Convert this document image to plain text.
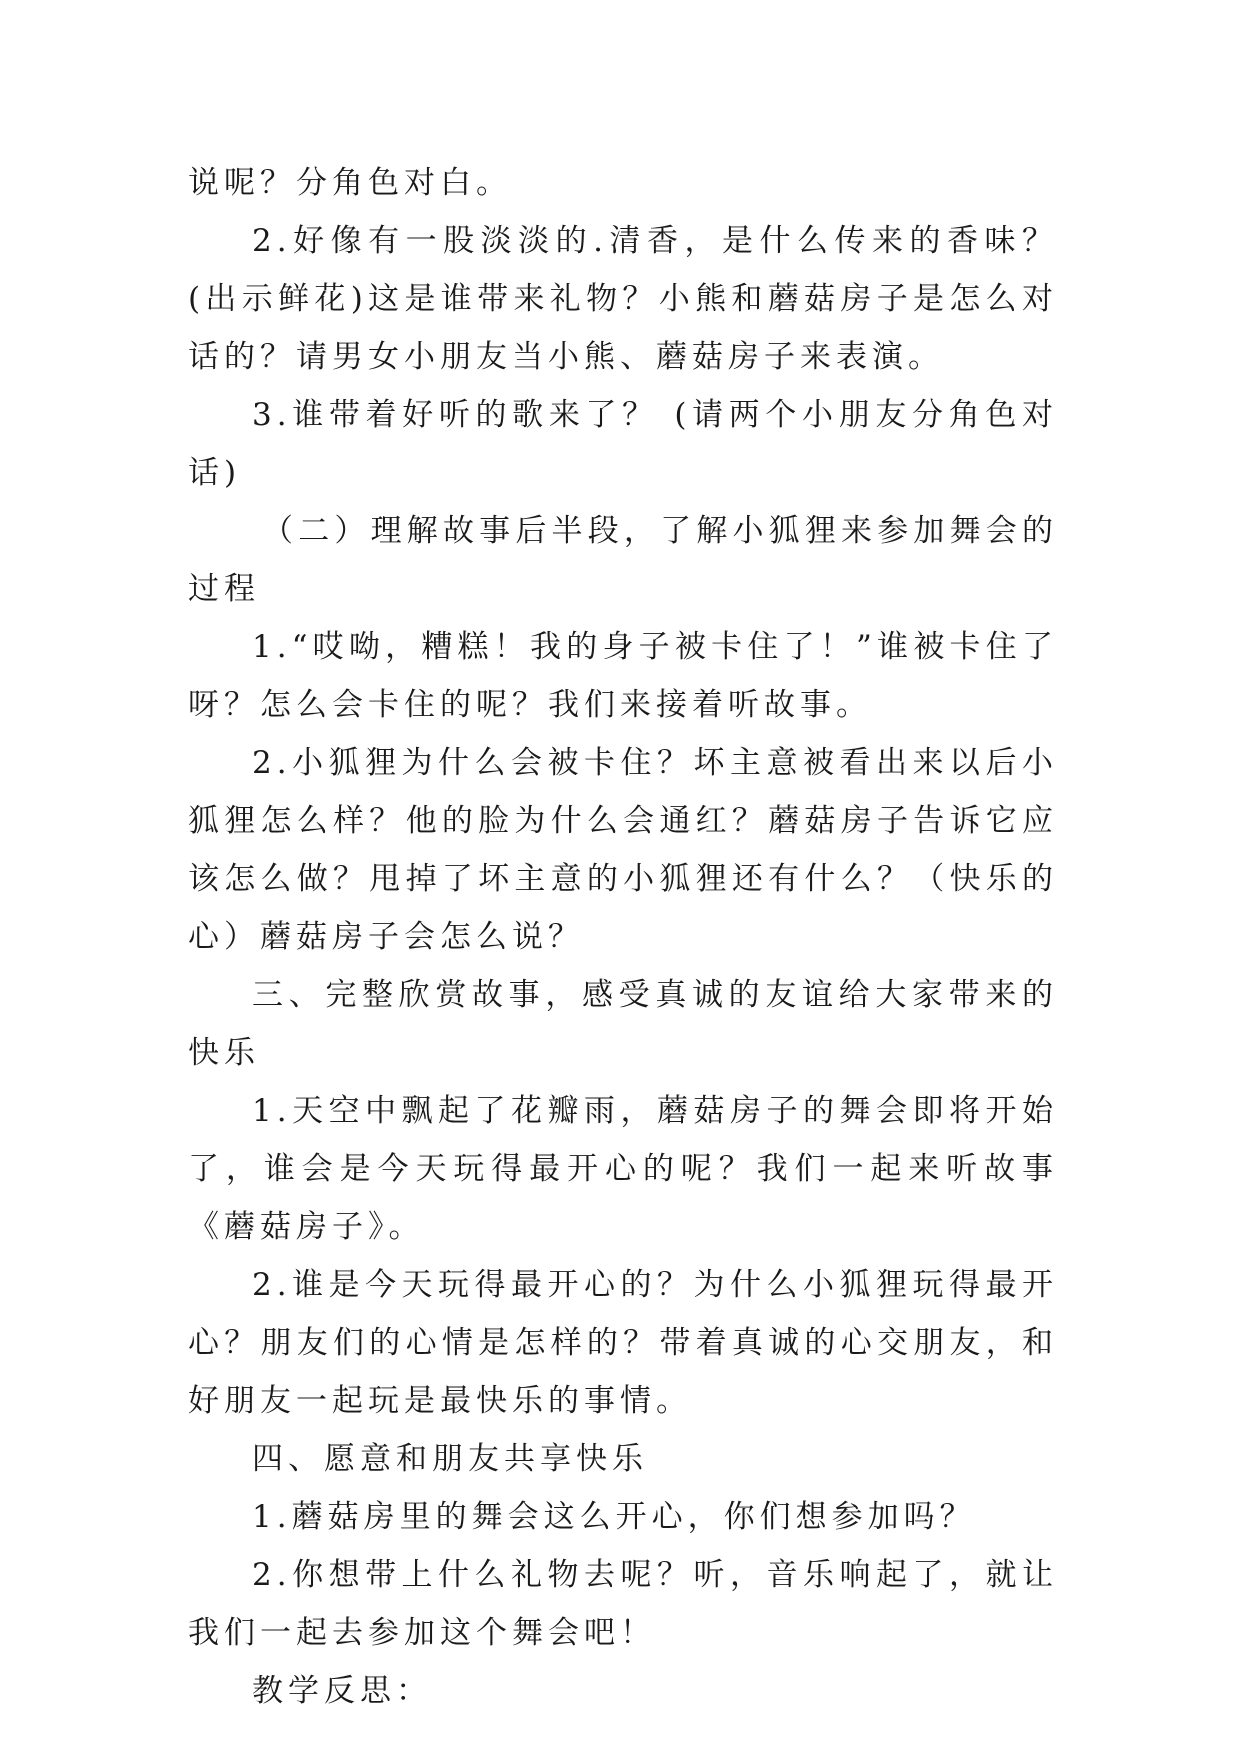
说呢？分角色对白。

2.好像有一股淡淡的.清香，是什么传来的香味？(出示鲜花)这是谁带来礼物？小熊和蘑菇房子是怎么对话的？请男女小朋友当小熊、蘑菇房子来表演。

3.谁带着好听的歌来了？ (请两个小朋友分角色对话)

（二）理解故事后半段，了解小狐狸来参加舞会的过程

1.“哎呦，糟糕！我的身子被卡住了！”谁被卡住了呀？怎么会卡住的呢？我们来接着听故事。

2.小狐狸为什么会被卡住？坏主意被看出来以后小狐狸怎么样？他的脸为什么会通红？蘑菇房子告诉它应该怎么做？甩掉了坏主意的小狐狸还有什么？（快乐的心）蘑菇房子会怎么说？

三、完整欣赏故事，感受真诚的友谊给大家带来的快乐

1.天空中飘起了花瓣雨，蘑菇房子的舞会即将开始了，谁会是今天玩得最开心的呢？我们一起来听故事《蘑菇房子》。

2.谁是今天玩得最开心的？为什么小狐狸玩得最开心？朋友们的心情是怎样的？带着真诚的心交朋友，和好朋友一起玩是最快乐的事情。

四、愿意和朋友共享快乐

1.蘑菇房里的舞会这么开心，你们想参加吗？

2.你想带上什么礼物去呢？听，音乐响起了，就让我们一起去参加这个舞会吧！

教学反思：
